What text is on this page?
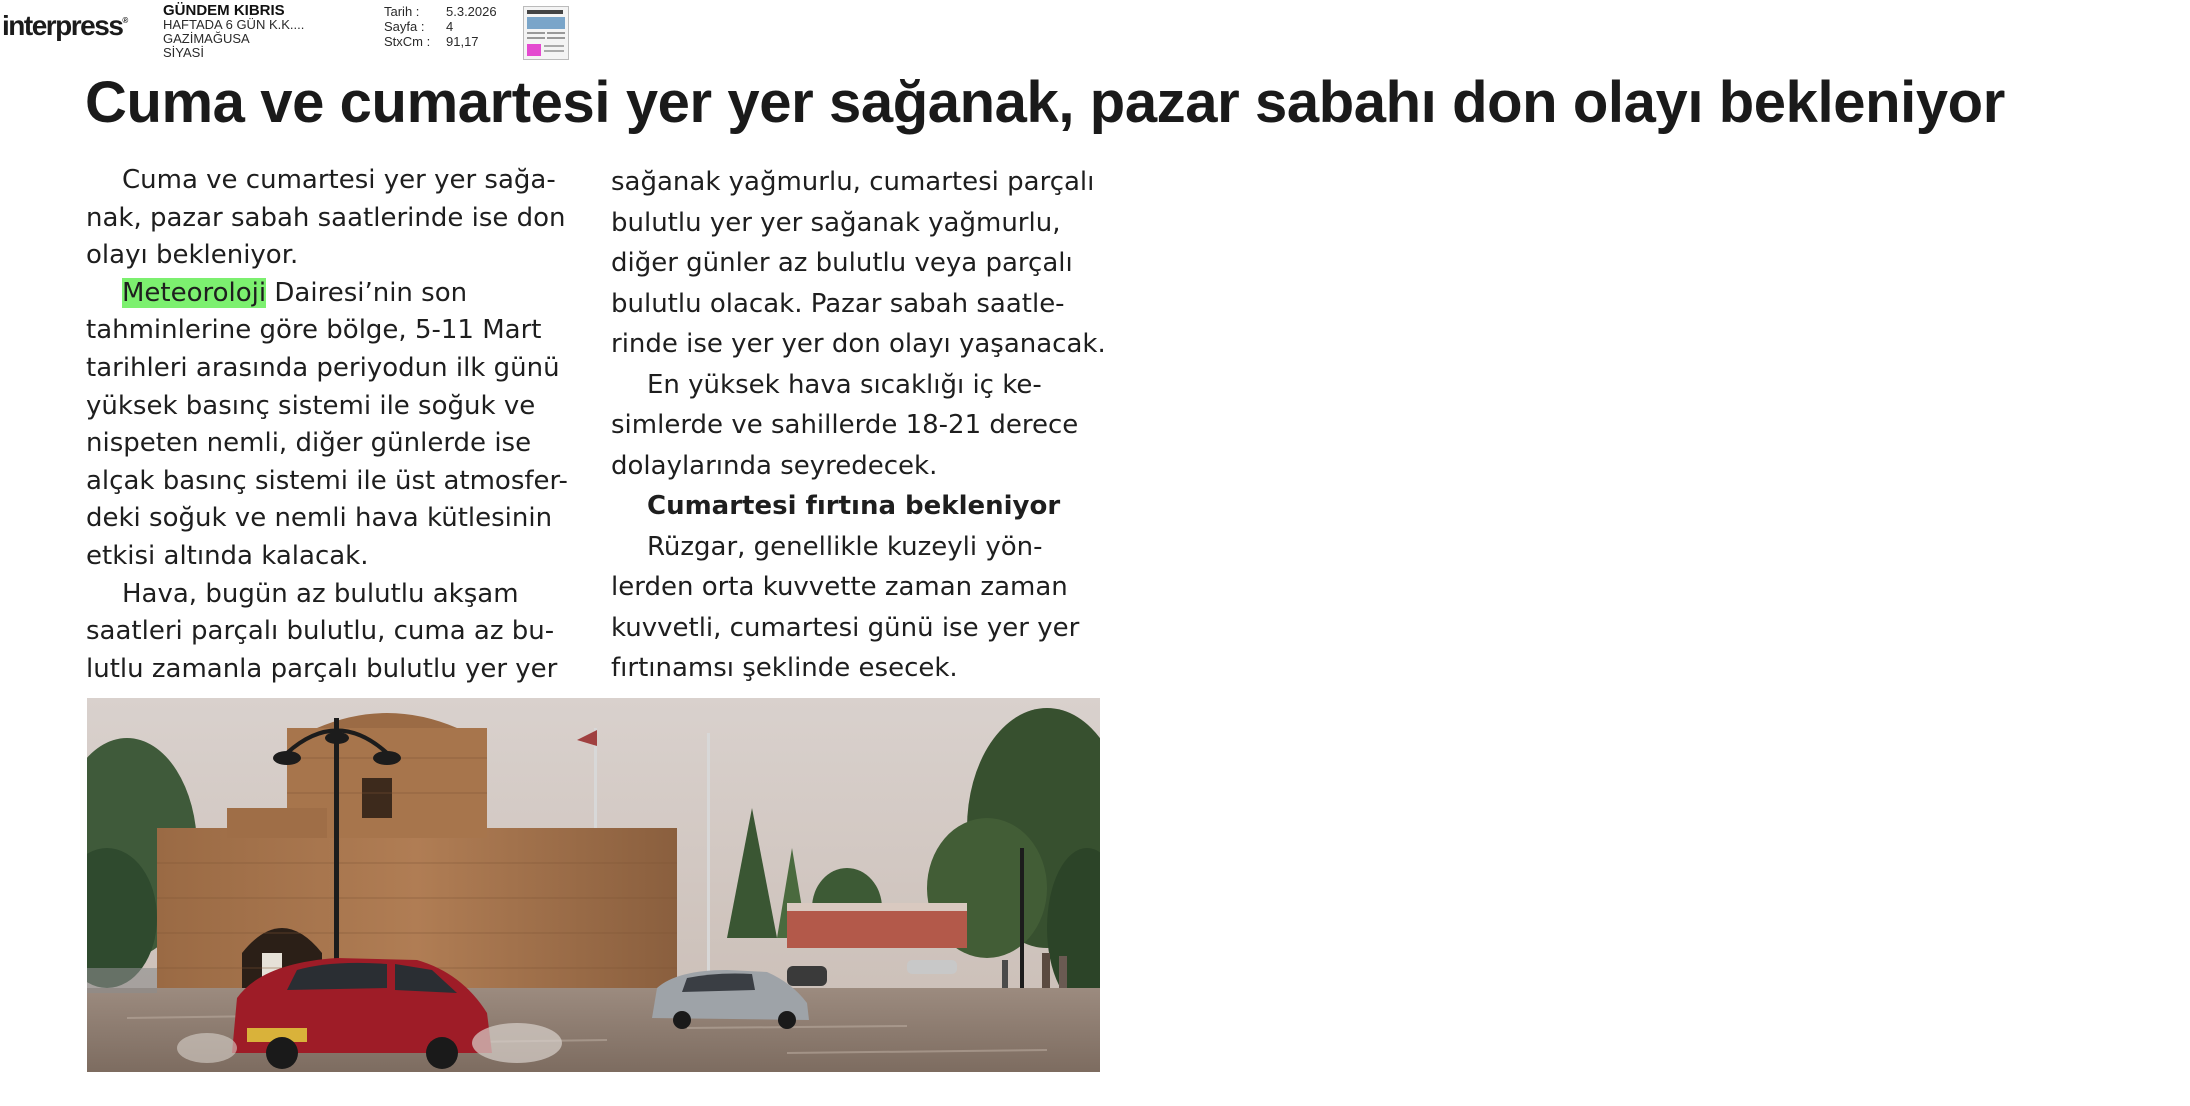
interpress®
GÜNDEM KIBRIS
HAFTADA 6 GÜN K.K....
GAZİMAĞUSA
SİYASİ
Tarih :	5.3.2026
Sayfa :	4
StxCm :	91,17
Cuma ve cumartesi yer yer sağanak, pazar sabahı don olayı bekleniyor
Cuma ve cumartesi yer yer sağa-
nak, pazar sabah saatlerinde ise don
olayı bekleniyor.
Meteoroloji Dairesi’nin son
tahminlerine göre bölge, 5-11 Mart
tarihleri arasında periyodun ilk günü
yüksek basınç sistemi ile soğuk ve
nispeten nemli, diğer günlerde ise
alçak basınç sistemi ile üst atmosfer-
deki soğuk ve nemli hava kütlesinin
etkisi altında kalacak.
Hava, bugün az bulutlu akşam
saatleri parçalı bulutlu, cuma az bu-
lutlu zamanla parçalı bulutlu yer yer
sağanak yağmurlu, cumartesi parçalı
bulutlu yer yer sağanak yağmurlu,
diğer günler az bulutlu veya parçalı
bulutlu olacak. Pazar sabah saatle-
rinde ise yer yer don olayı yaşanacak.
En yüksek hava sıcaklığı iç ke-
simlerde ve sahillerde 18-21 derece
dolaylarında seyredecek.
Cumartesi fırtına bekleniyor
Rüzgar, genellikle kuzeyli yön-
lerden orta kuvvette zaman zaman
kuvvetli, cumartesi günü ise yer yer
fırtınamsı şeklinde esecek.
